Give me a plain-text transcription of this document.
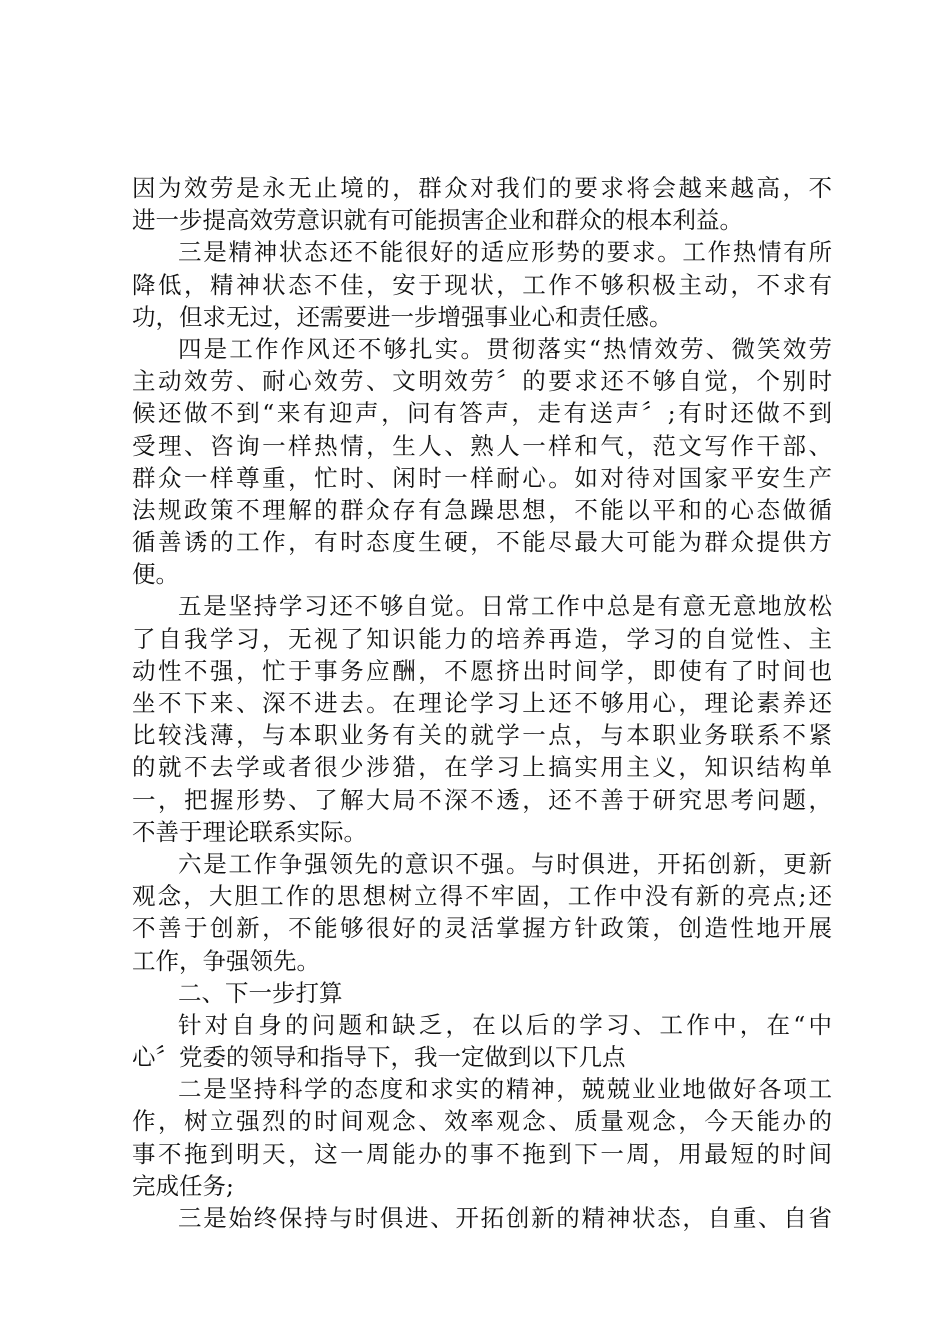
因为效劳是永无止境的，群众对我们的要求将会越来越高，不
进一步提高效劳意识就有可能损害企业和群众的根本利益。
三是精神状态还不能很好的适应形势的要求。工作热情有所
降低，精神状态不佳，安于现状，工作不够积极主动，不求有
功，但求无过，还需要进一步增强事业心和责任感。
四是工作作风还不够扎实。贯彻落实“热情效劳、微笑效劳
主动效劳、耐心效劳、文明效劳〞的要求还不够自觉，个别时
候还做不到“来有迎声，问有答声，走有送声〞;有时还做不到
受理、咨询一样热情，生人、熟人一样和气，范文写作干部、
群众一样尊重，忙时、闲时一样耐心。如对待对国家平安生产
法规政策不理解的群众存有急躁思想，不能以平和的心态做循
循善诱的工作，有时态度生硬，不能尽最大可能为群众提供方
便。
五是坚持学习还不够自觉。日常工作中总是有意无意地放松
了自我学习，无视了知识能力的培养再造，学习的自觉性、主
动性不强，忙于事务应酬，不愿挤出时间学，即使有了时间也
坐不下来、深不进去。在理论学习上还不够用心，理论素养还
比较浅薄，与本职业务有关的就学一点，与本职业务联系不紧
的就不去学或者很少涉猎，在学习上搞实用主义，知识结构单
一，把握形势、了解大局不深不透，还不善于研究思考问题，
不善于理论联系实际。
六是工作争强领先的意识不强。与时俱进，开拓创新，更新
观念，大胆工作的思想树立得不牢固，工作中没有新的亮点;还
不善于创新，不能够很好的灵活掌握方针政策，创造性地开展
工作，争强领先。
二、下一步打算
针对自身的问题和缺乏，在以后的学习、工作中，在“中
心〞党委的领导和指导下，我一定做到以下几点
二是坚持科学的态度和求实的精神，兢兢业业地做好各项工
作，树立强烈的时间观念、效率观念、质量观念，今天能办的
事不拖到明天，这一周能办的事不拖到下一周，用最短的时间
完成任务;
三是始终保持与时俱进、开拓创新的精神状态，自重、自省
